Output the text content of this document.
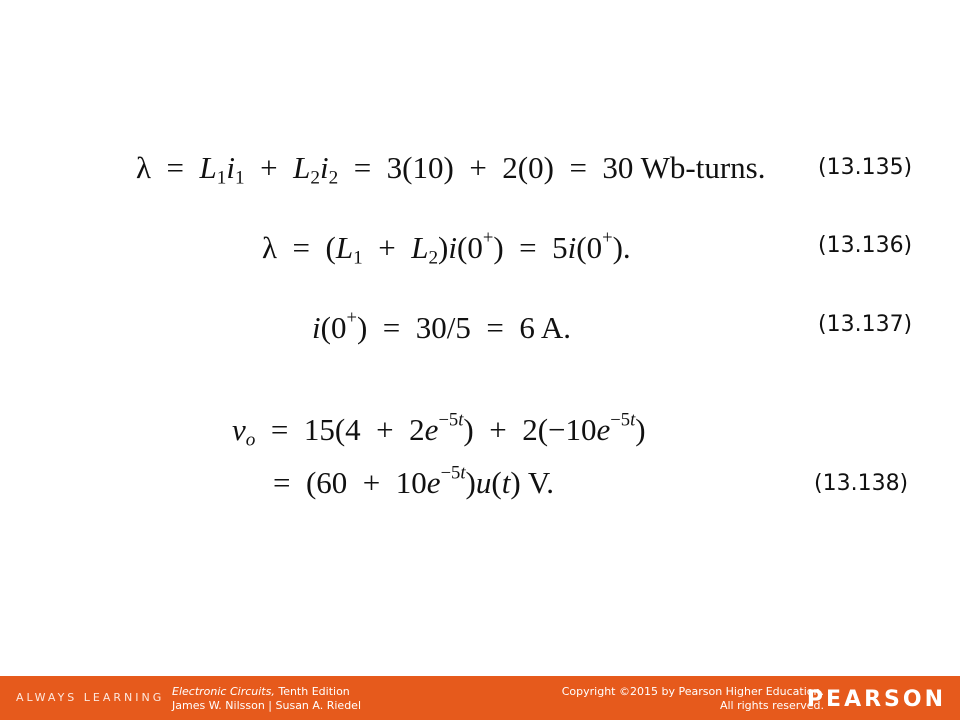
$\lambda = L_1i_1 + L_2i_2 = 3(10) + 2(0) = 30$ Wb-turns. (13.135)
$\lambda = (L_1 + L_2)i(0^+) = 5i(0^+)$.	(13.136)
i(0+)  =  30/5  =  6 A.	(13.137)
$v_o = 15(4 + 2e^{-5t}) + 2(-10e^{-5t})$
=  $(60 + 10e^{-5t})u(t)$ V.	(13.138)
ALWAYS LEARNING Electronic Circuits, Tenth Edition
James W. Nilsson | Susan A. Riedel
Copyright ©2015 by Pearson Higher Education.
All rights reserved.
PEARSON
